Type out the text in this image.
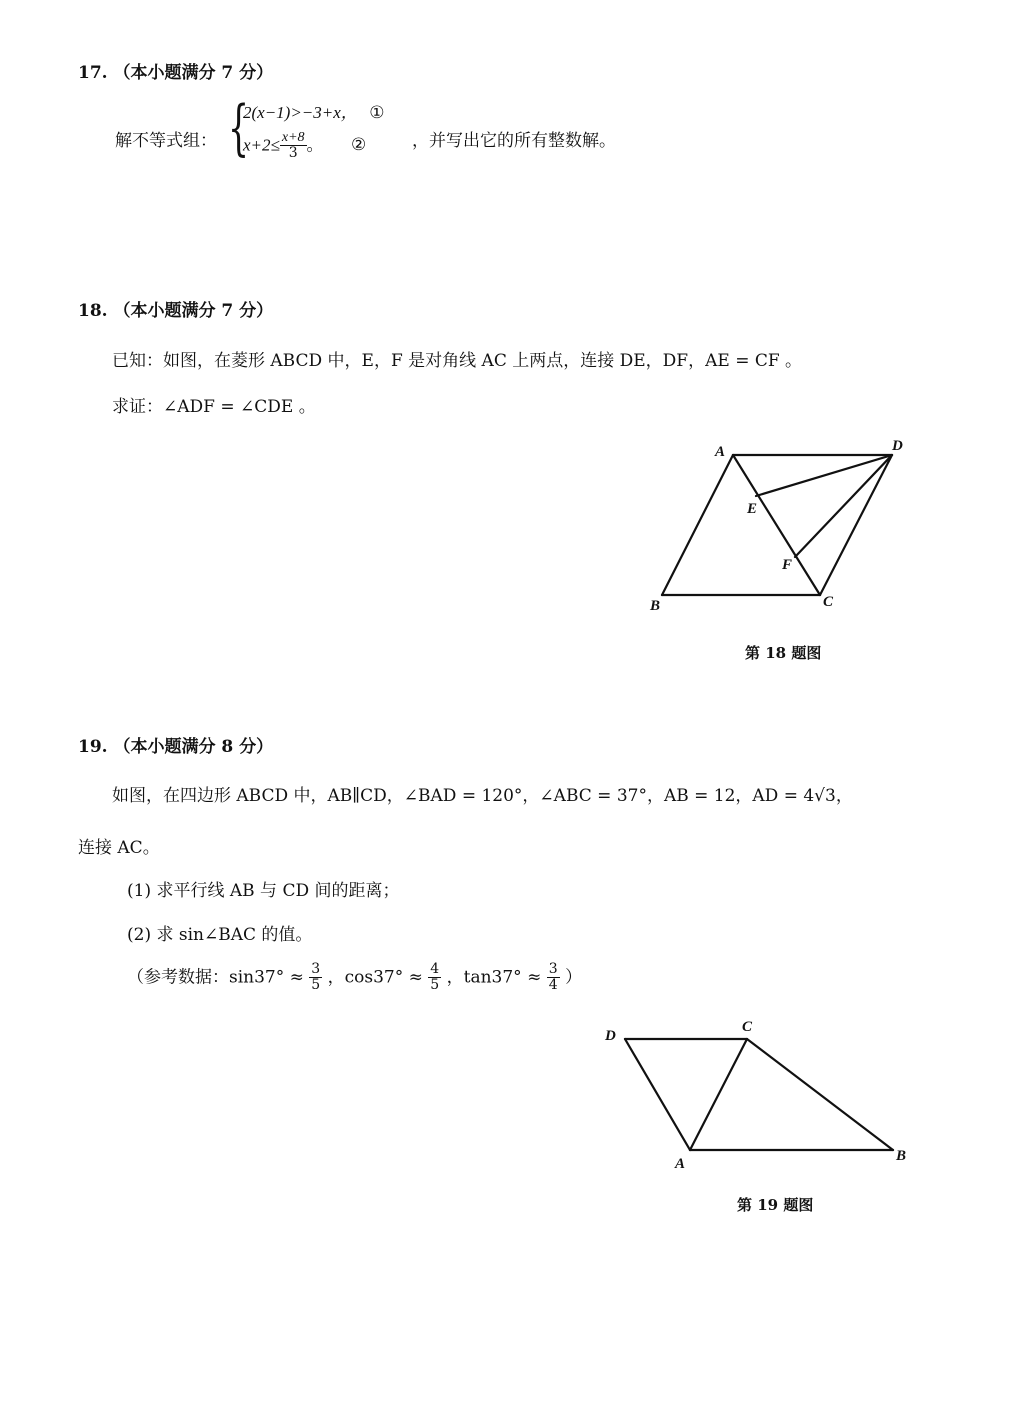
17. （本小题满分 7 分）
解不等式组： {
2(x−1)>−3+x， ①
$x+2\le \frac{x+8}{3}$ 。 ②	，并写出它的所有整数解。
18. （本小题满分 7 分）
已知：如图，在菱形 ABCD 中，E，F 是对角线 AC 上两点，连接 DE，DF，AE = CF 。
求证：∠ADF = ∠CDE 。
A	D
E
F
B	C
第 18 题图
19. （本小题满分 8 分）
如图，在四边形 ABCD 中，AB∥CD，∠BAD = 120°，∠ABC = 37°，AB = 12，AD = 4√3，
连接 AC。
(1) 求平行线 AB 与 CD 间的距离；
(2) 求 sin∠BAC 的值。
（参考数据：$\sin 37^\circ \approx \frac{3}{5}$ ，$\cos 37^\circ \approx \frac{4}{5}$ ，$\tan 37^\circ \approx \frac{3}{4}$ ）
D
C
A	B
第 19 题图
